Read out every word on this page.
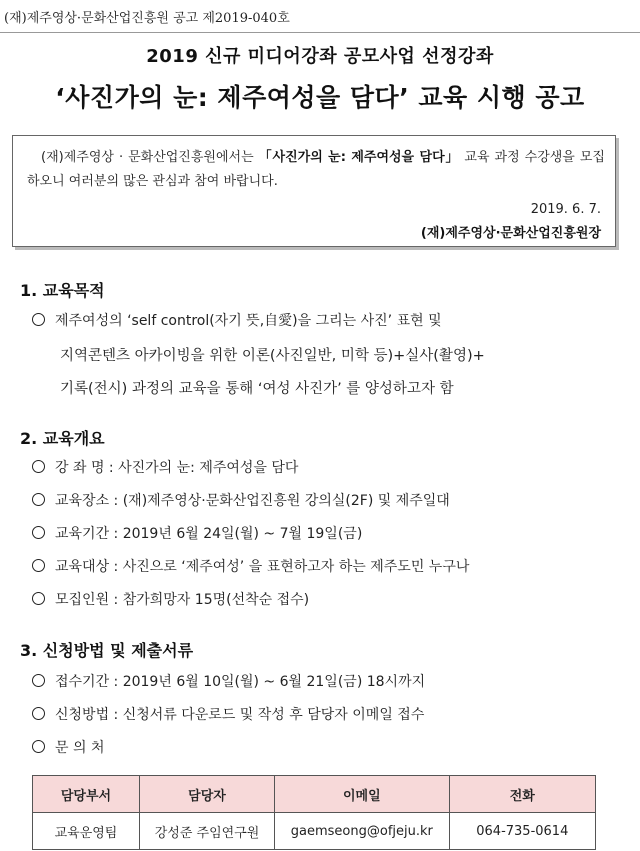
(재)제주영상·문화산업진흥원 공고 제2019-040호
2019 신규 미디어강좌 공모사업 선정강좌
‘사진가의 눈: 제주여성을 담다’ 교육 시행 공고

(재)제주영상 · 문화산업진흥원에서는 「사진가의 눈: 제주여성을 담다」 교육 과정 수강생을 모집하오니 여러분의 많은 관심과 참여 바랍니다.

2019. 6. 7.

(재)제주영상·문화산업진흥원장

1. 교육목적
제주여성의 ‘self control(자기 뜻,自愛)을 그리는 사진’ 표현 및
지역콘텐츠 아카이빙을 위한 이론(사진일반, 미학 등)+실사(촬영)+
기록(전시) 과정의 교육을 통해 ‘여성 사진가’ 를 양성하고자 함
2. 교육개요
강 좌 명 : 사진가의 눈: 제주여성을 담다
교육장소 : (재)제주영상·문화산업진흥원 강의실(2F) 및 제주일대
교육기간 : 2019년 6월 24일(월) ~ 7월 19일(금)
교육대상 : 사진으로 ‘제주여성’ 을 표현하고자 하는 제주도민 누구나
모집인원 : 참가희망자 15명(선착순 접수)
3. 신청방법 및 제출서류
접수기간 : 2019년 6월 10일(월) ~ 6월 21일(금) 18시까지
신청방법 : 신청서류 다운로드 및 작성 후 담당자 이메일 접수
문 의 처
담당부서	담당자	이메일	전화
교육운영팀	강성준 주임연구원	gaemseong@ofjeju.kr	064-735-0614
